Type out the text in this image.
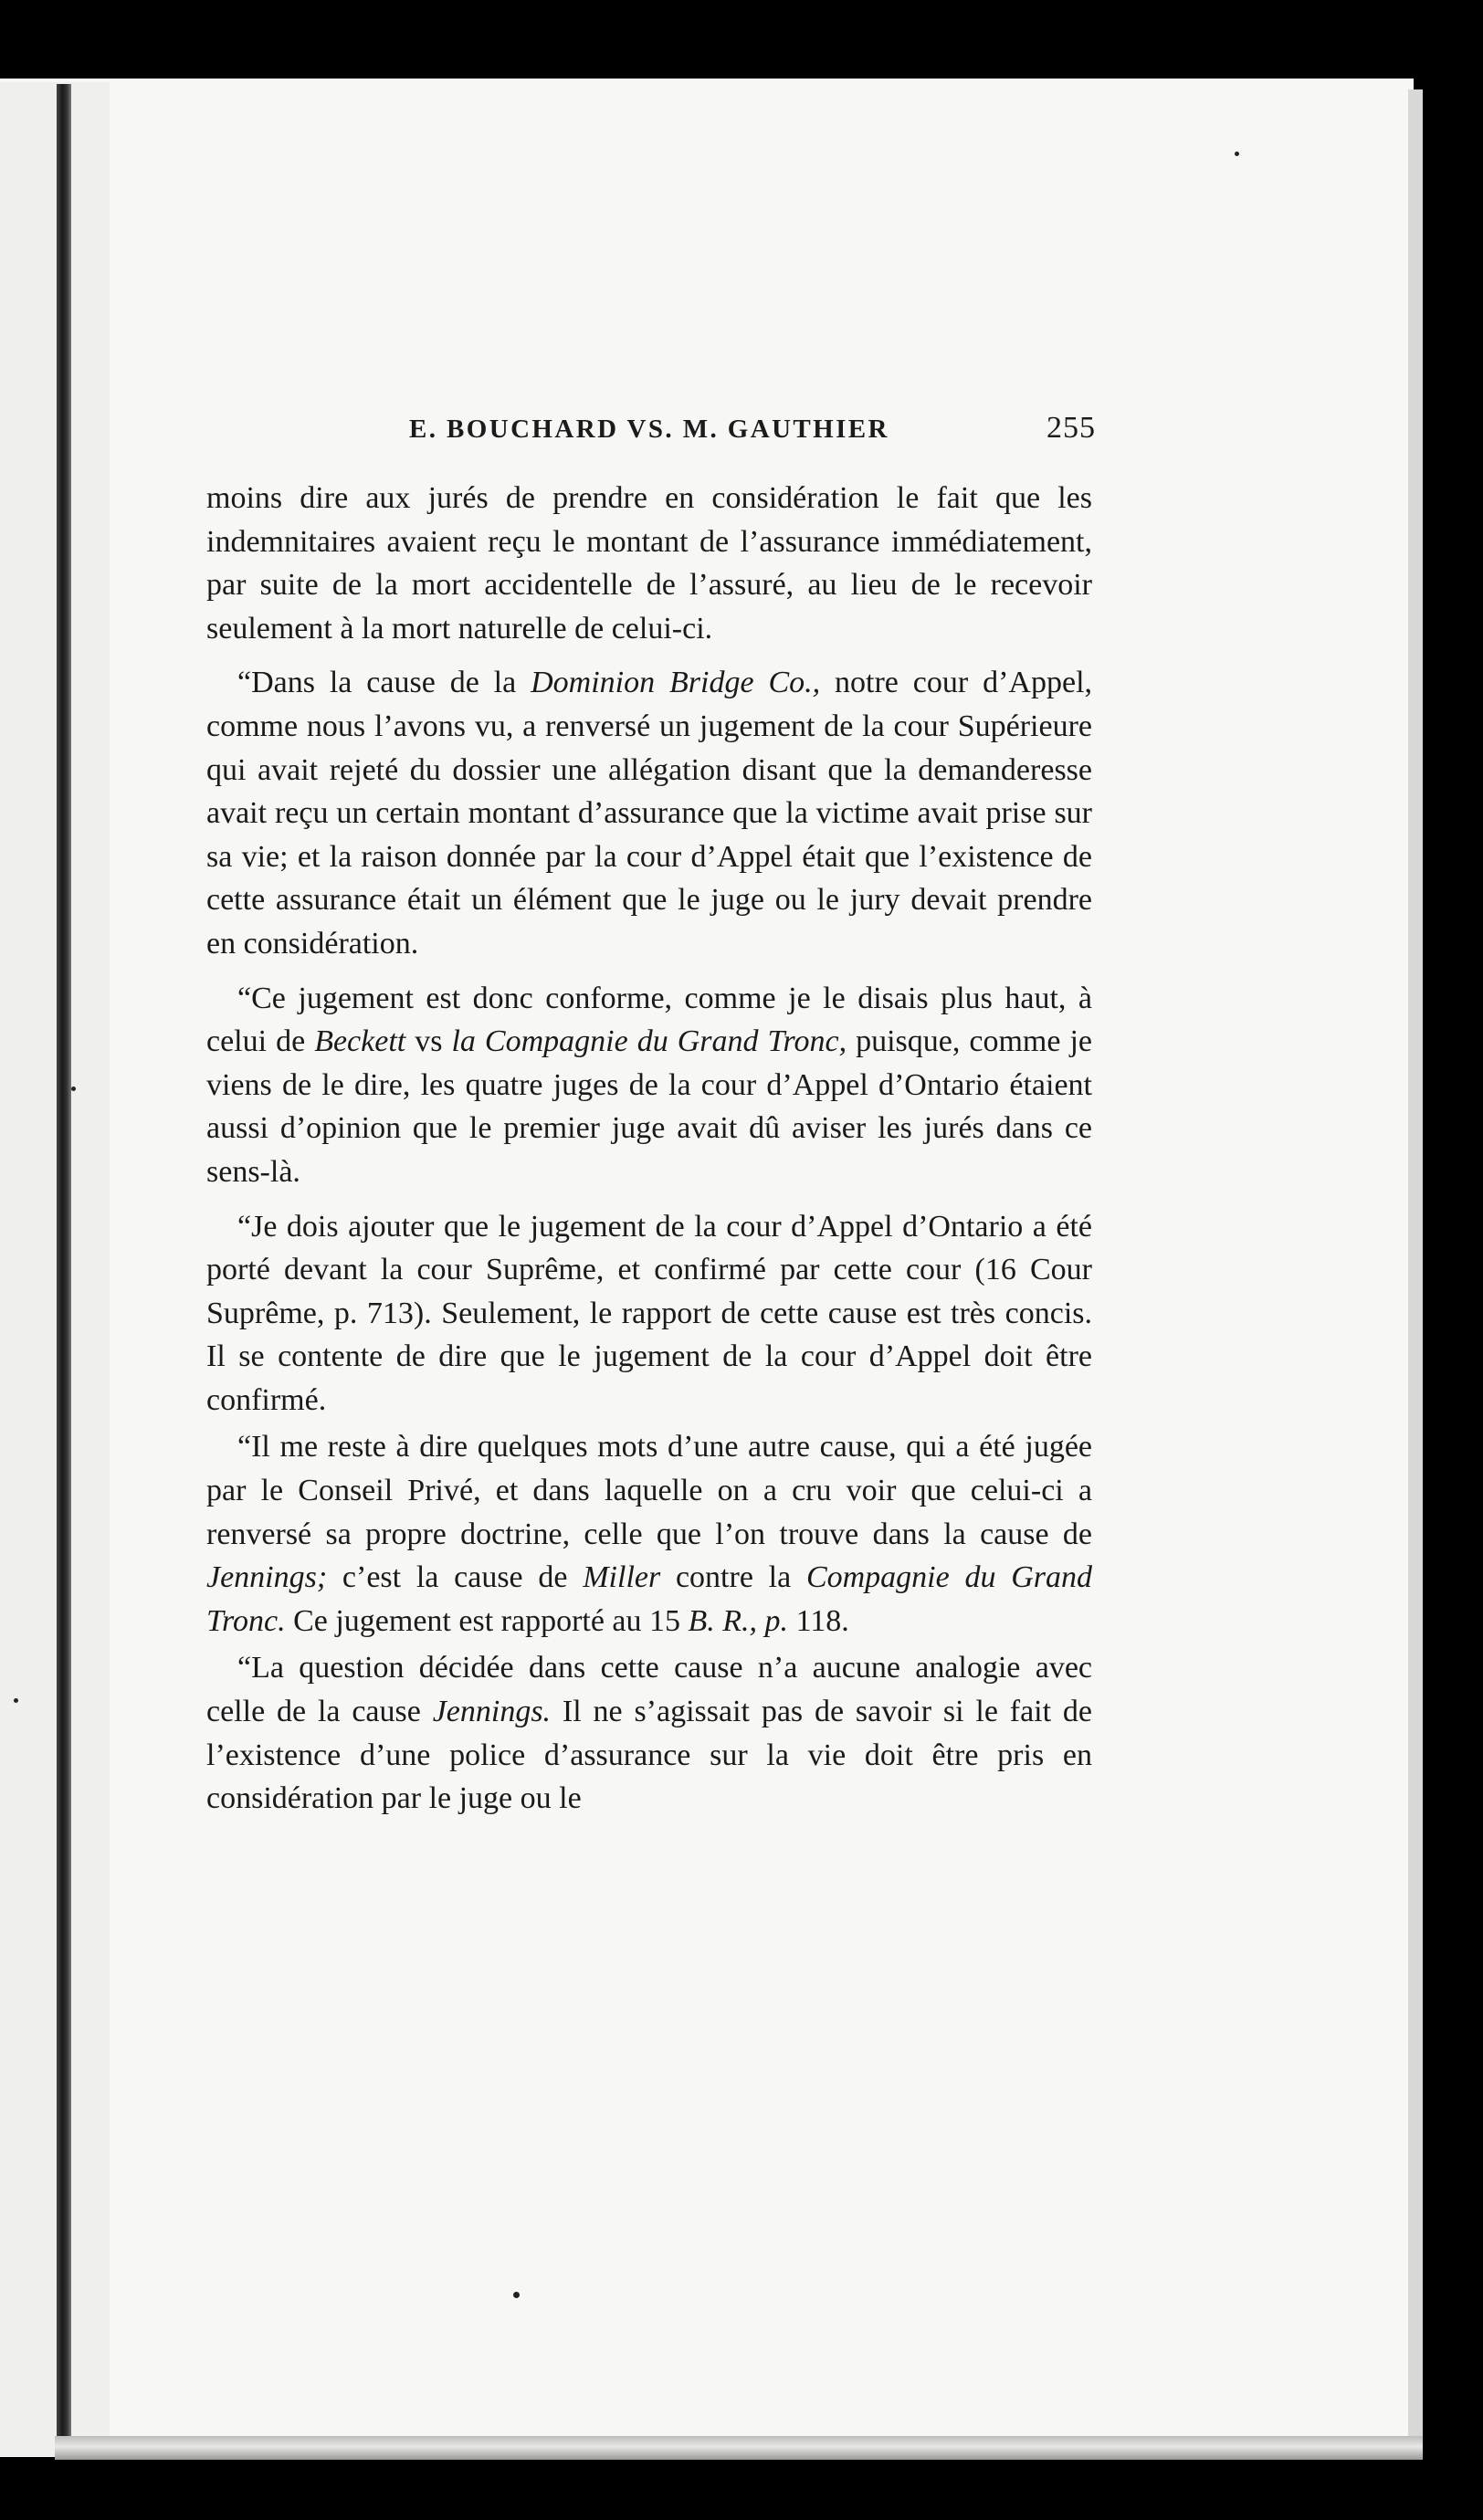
E. BOUCHARD VS. M. GAUTHIER	255

moins dire aux jurés de prendre en considération le fait que les indemnitaires avaient reçu le montant de l’assurance immédiatement, par suite de la mort accidentelle de l’assuré, au lieu de le recevoir seulement à la mort naturelle de celui-ci.

“Dans la cause de la Dominion Bridge Co., notre cour d’Appel, comme nous l’avons vu, a renversé un jugement de la cour Supérieure qui avait rejeté du dossier une allégation disant que la demanderesse avait reçu un certain montant d’assurance que la victime avait prise sur sa vie; et la raison donnée par la cour d’Appel était que l’existence de cette assurance était un élément que le juge ou le jury devait prendre en considération.

“Ce jugement est donc conforme, comme je le disais plus haut, à celui de Beckett vs la Compagnie du Grand Tronc, puisque, comme je viens de le dire, les quatre juges de la cour d’Appel d’Ontario étaient aussi d’opinion que le premier juge avait dû aviser les jurés dans ce sens-là.

“Je dois ajouter que le jugement de la cour d’Appel d’Ontario a été porté devant la cour Suprême, et confirmé par cette cour (16 Cour Suprême, p. 713). Seulement, le rapport de cette cause est très concis. Il se contente de dire que le jugement de la cour d’Appel doit être confirmé.

“Il me reste à dire quelques mots d’une autre cause, qui a été jugée par le Conseil Privé, et dans laquelle on a cru voir que celui-ci a renversé sa propre doctrine, celle que l’on trouve dans la cause de Jennings; c’est la cause de Miller contre la Compagnie du Grand Tronc. Ce jugement est rapporté au 15 B. R., p. 118.

“La question décidée dans cette cause n’a aucune analogie avec celle de la cause Jennings. Il ne s’agissait pas de savoir si le fait de l’existence d’une police d’assurance sur la vie doit être pris en considération par le juge ou le
